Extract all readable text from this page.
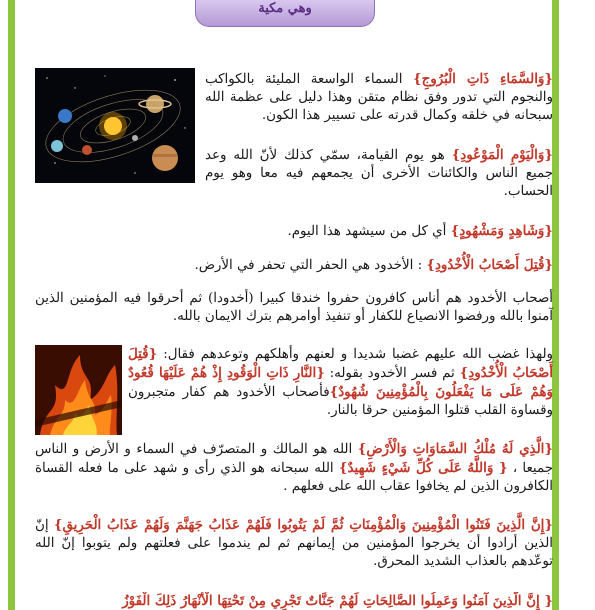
وهي مكية
{وَالسَّمَاءِ ذَاتِ الْبُرُوجِ} السماء الواسعة المليئة بالكواكب والنجوم التي تدور وفق نظام متقن وهذا دليل على عظمة الله سبحانه في خلقه وكمال قدرته على تسيير هذا الكون.
{وَالْيَوْمِ الْمَوْعُودِ} هو يوم القيامة، سمّي كذلك لأنّ الله وعد جميع الناس والكائنات الأخرى أن يجمعهم فيه معا وهو يوم الحساب.
{وَشَاهِدٍ وَمَشْهُودٍ} أي كل من سيشهد هذا اليوم.
{قُتِلَ أَصْحَابُ الْأُخْدُودِ} : الأخدود هي الحفر التي تحفر في الأرض.
أصحاب الأخدود هم أناس كافرون حفروا خندقا كبيرا (أخدودا) ثم أحرقوا فيه المؤمنين الذين آمنوا بالله ورفضوا الانصياع للكفار أو تنفيذ أوامرهم بترك الايمان بالله.
ولهذا غضب الله عليهم غضبا شديدا و لعنهم وأهلكهم وتوعدهم فقال: {قُتِلَ أَصْحَابُ الْأُخْدُودِ} ثم فسر الأخدود بقوله: {النَّارِ ذَاتِ الْوَقُودِ إِذْ هُمْ عَلَيْهَا قُعُودٌ وَهُمْ عَلَى مَا يَفْعَلُونَ بِالْمُؤْمِنِينَ شُهُودٌ}فأصحاب الأخدود هم كفار متجبرون وقساوة القلب قتلوا المؤمنين حرقا بالنار.
{الَّذِي لَهُ مُلْكُ السَّمَاوَاتِ وَالْأَرْضِ} الله هو المالك و المتصرّف في السماء و الأرض و الناس جميعا ، { وَاللَّهُ عَلَى كُلِّ شَيْءٍ شَهِيدٌ} الله سبحانه هو الذي رأى و شهد على ما فعله القساة الكافرون الذين لم يخافوا عقاب الله على فعلهم .
{إِنَّ الَّذِينَ فَتَنُوا الْمُؤْمِنِينَ وَالْمُؤْمِنَاتِ ثُمَّ لَمْ يَتُوبُوا فَلَهُمْ عَذَابُ جَهَنَّمَ وَلَهُمْ عَذَابُ الْحَرِيقِ} إنّ الذين أرادوا أن يخرجوا المؤمنين من إيمانهم ثم لم يندموا على فعلتهم ولم يتوبوا إنّ الله توعّدهم بالعذاب الشديد المحرق.
{ إِنَّ الَّذِينَ آمَنُوا وَعَمِلُوا الصَّالِحَاتِ لَهُمْ جَنَّاتٌ تَجْرِي مِنْ تَحْتِهَا الْأَنْهَارُ ذَلِكَ الْفَوْزُ
